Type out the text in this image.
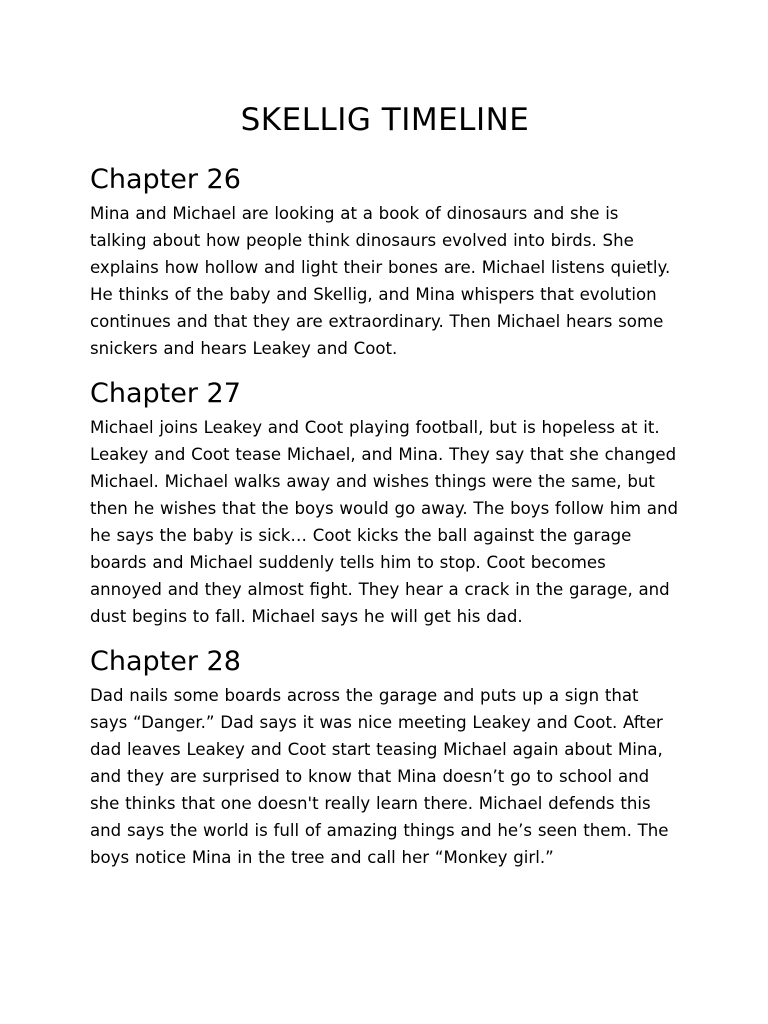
SKELLIG TIMELINE
Chapter 26

Mina and Michael are looking at a book of dinosaurs and she is talking about how people think dinosaurs evolved into birds. She explains how hollow and light their bones are. Michael listens quietly. He thinks of the baby and Skellig, and Mina whispers that evolution continues and that they are extraordinary. Then Michael hears some snickers and hears Leakey and Coot.

Chapter 27

Michael joins Leakey and Coot playing football, but is hopeless at it. Leakey and Coot tease Michael, and Mina. They say that she changed Michael. Michael walks away and wishes things were the same, but then he wishes that the boys would go away. The boys follow him and he says the baby is sick… Coot kicks the ball against the garage boards and Michael suddenly tells him to stop. Coot becomes annoyed and they almost fight. They hear a crack in the garage, and dust begins to fall. Michael says he will get his dad.

Chapter 28

Dad nails some boards across the garage and puts up a sign that says “Danger.” Dad says it was nice meeting Leakey and Coot. After dad leaves Leakey and Coot start teasing Michael again about Mina, and they are surprised to know that Mina doesn’t go to school and she thinks that one doesn't really learn there. Michael defends this and says the world is full of amazing things and he’s seen them. The boys notice Mina in the tree and call her “Monkey girl.”
